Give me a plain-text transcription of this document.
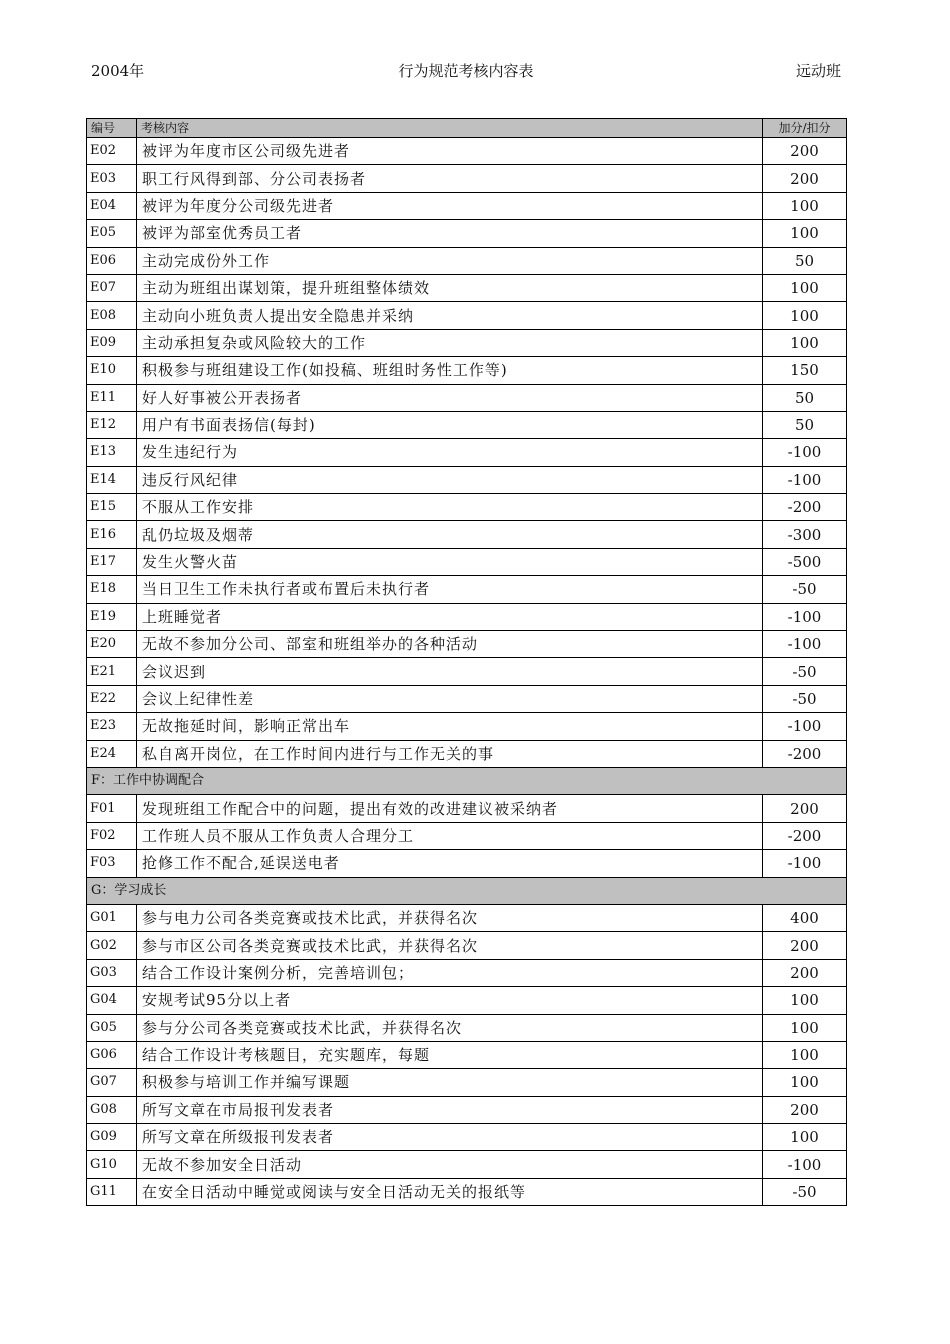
2004年	行为规范考核内容表	远动班
编号	考核内容	加分/扣分
E02	被评为年度市区公司级先进者	200
E03	职工行风得到部、分公司表扬者	200
E04	被评为年度分公司级先进者	100
E05	被评为部室优秀员工者	100
E06	主动完成份外工作	50
E07	主动为班组出谋划策，提升班组整体绩效	100
E08	主动向小班负责人提出安全隐患并采纳	100
E09	主动承担复杂或风险较大的工作	100
E10	积极参与班组建设工作(如投稿、班组时务性工作等)	150
E11	好人好事被公开表扬者	50
E12	用户有书面表扬信(每封)	50
E13	发生违纪行为	-100
E14	违反行风纪律	-100
E15	不服从工作安排	-200
E16	乱仍垃圾及烟蒂	-300
E17	发生火警火苗	-500
E18	当日卫生工作未执行者或布置后未执行者	-50
E19	上班睡觉者	-100
E20	无故不参加分公司、部室和班组举办的各种活动	-100
E21	会议迟到	-50
E22	会议上纪律性差	-50
E23	无故拖延时间，影响正常出车	-100
E24	私自离开岗位，在工作时间内进行与工作无关的事	-200
F：工作中协调配合		
F01	发现班组工作配合中的问题，提出有效的改进建议被采纳者	200
F02	工作班人员不服从工作负责人合理分工	-200
F03	抢修工作不配合,延误送电者	-100
G：学习成长		
G01	参与电力公司各类竞赛或技术比武，并获得名次	400
G02	参与市区公司各类竞赛或技术比武，并获得名次	200
G03	结合工作设计案例分析，完善培训包；	200
G04	安规考试95分以上者	100
G05	参与分公司各类竞赛或技术比武，并获得名次	100
G06	结合工作设计考核题目，充实题库，每题	100
G07	积极参与培训工作并编写课题	100
G08	所写文章在市局报刊发表者	200
G09	所写文章在所级报刊发表者	100
G10	无故不参加安全日活动	-100
G11	在安全日活动中睡觉或阅读与安全日活动无关的报纸等	-50
